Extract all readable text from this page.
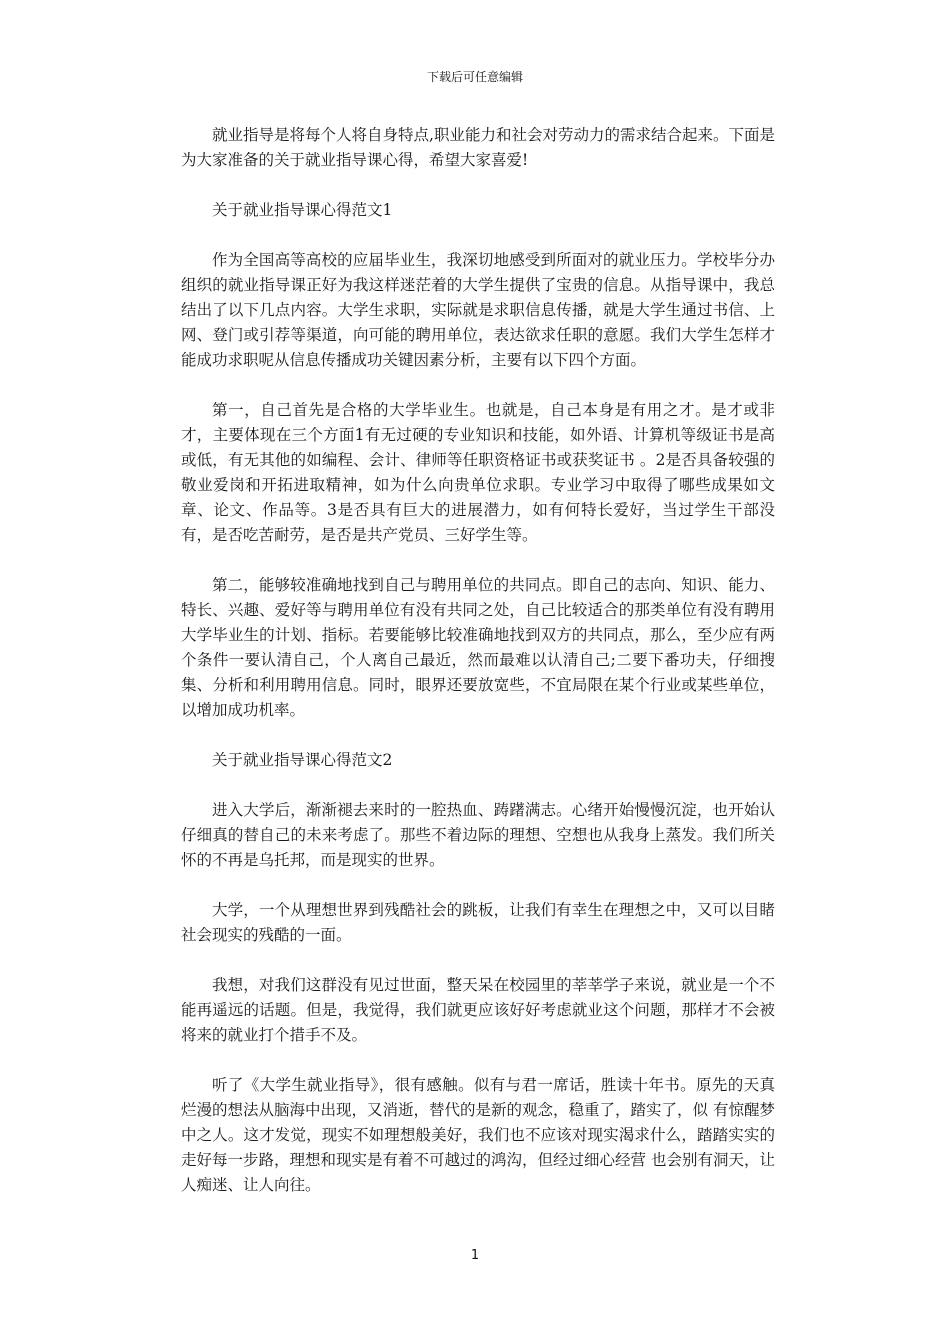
下载后可任意编辑

就业指导是将每个人将自身特点,职业能力和社会对劳动力的需求结合起来。下面是为大家准备的关于就业指导课心得，希望大家喜爱!

关于就业指导课心得范文1

作为全国高等高校的应届毕业生，我深切地感受到所面对的就业压力。学校毕分办组织的就业指导课正好为我这样迷茫着的大学生提供了宝贵的信息。从指导课中，我总结出了以下几点内容。大学生求职，实际就是求职信息传播，就是大学生通过书信、上网、登门或引荐等渠道，向可能的聘用单位，表达欲求任职的意愿。我们大学生怎样才能成功求职呢从信息传播成功关键因素分析，主要有以下四个方面。

第一，自己首先是合格的大学毕业生。也就是，自己本身是有用之才。是才或非才，主要体现在三个方面1有无过硬的专业知识和技能，如外语、计算机等级证书是高或低，有无其他的如编程、会计、律师等任职资格证书或获奖证书 。2是否具备较强的敬业爱岗和开拓进取精神，如为什么向贵单位求职。专业学习中取得了哪些成果如文章、论文、作品等。3是否具有巨大的进展潜力，如有何特长爱好，当过学生干部没有，是否吃苦耐劳，是否是共产党员、三好学生等。

第二，能够较准确地找到自己与聘用单位的共同点。即自己的志向、知识、能力、特长、兴趣、爱好等与聘用单位有没有共同之处，自己比较适合的那类单位有没有聘用大学毕业生的计划、指标。若要能够比较准确地找到双方的共同点，那么，至少应有两个条件一要认清自己，个人离自己最近，然而最难以认清自己;二要下番功夫，仔细搜集、分析和利用聘用信息。同时，眼界还要放宽些，不宜局限在某个行业或某些单位，以增加成功机率。

关于就业指导课心得范文2

进入大学后，渐渐褪去来时的一腔热血、踌躇满志。心绪开始慢慢沉淀，也开始认仔细真的替自己的未来考虑了。那些不着边际的理想、空想也从我身上蒸发。我们所关怀的不再是乌托邦，而是现实的世界。

大学，一个从理想世界到残酷社会的跳板，让我们有幸生在理想之中，又可以目睹社会现实的残酷的一面。

我想，对我们这群没有见过世面，整天呆在校园里的莘莘学子来说，就业是一个不能再遥远的话题。但是，我觉得，我们就更应该好好考虑就业这个问题，那样才不会被将来的就业打个措手不及。

听了《大学生就业指导》，很有感触。似有与君一席话，胜读十年书。原先的天真烂漫的想法从脑海中出现，又消逝，替代的是新的观念，稳重了，踏实了，似 有惊醒梦中之人。这才发觉，现实不如理想般美好，我们也不应该对现实渴求什么，踏踏实实的走好每一步路，理想和现实是有着不可越过的鸿沟，但经过细心经营 也会别有洞天，让人痴迷、让人向往。

1
